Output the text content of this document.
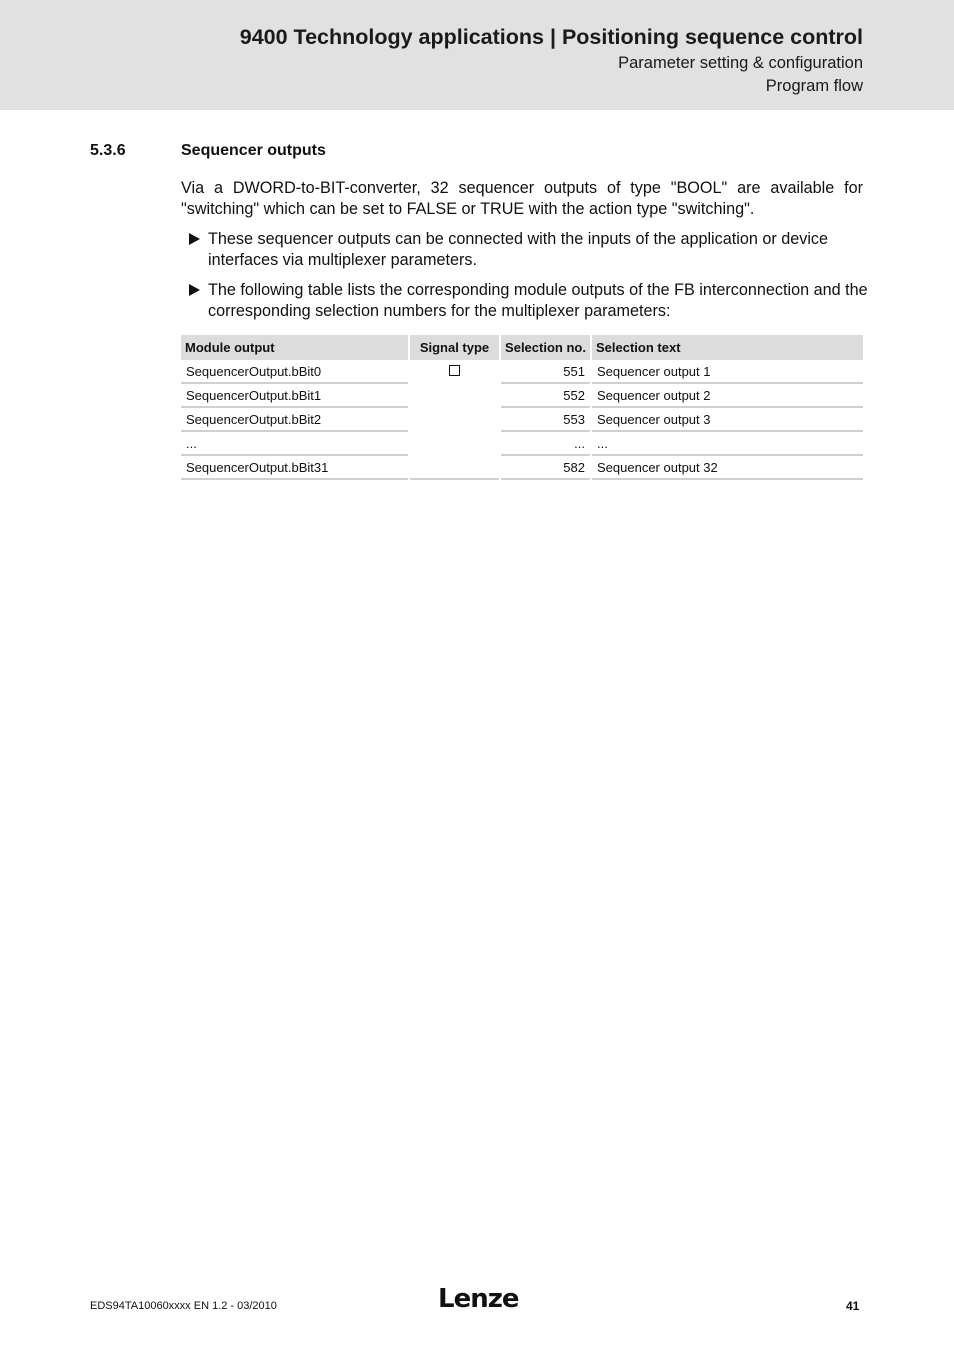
9400 Technology applications | Positioning sequence control
Parameter setting & configuration
Program flow
5.3.6	Sequencer outputs
Via a DWORD-to-BIT-converter, 32 sequencer outputs of type "BOOL" are available for "switching" which can be set to FALSE or TRUE with the action type "switching".
These sequencer outputs can be connected with the inputs of the application or device interfaces via multiplexer parameters.
The following table lists the corresponding module outputs of the FB interconnection and the corresponding selection numbers for the multiplexer parameters:
Module output	Signal type	Selection no.	Selection text
SequencerOutput.bBit0		551	Sequencer output 1
SequencerOutput.bBit1		552	Sequencer output 2
SequencerOutput.bBit2		553	Sequencer output 3
...		...	...
SequencerOutput.bBit31		582	Sequencer output 32
EDS94TA10060xxxx EN 1.2 - 03/2010	Lenze	41
